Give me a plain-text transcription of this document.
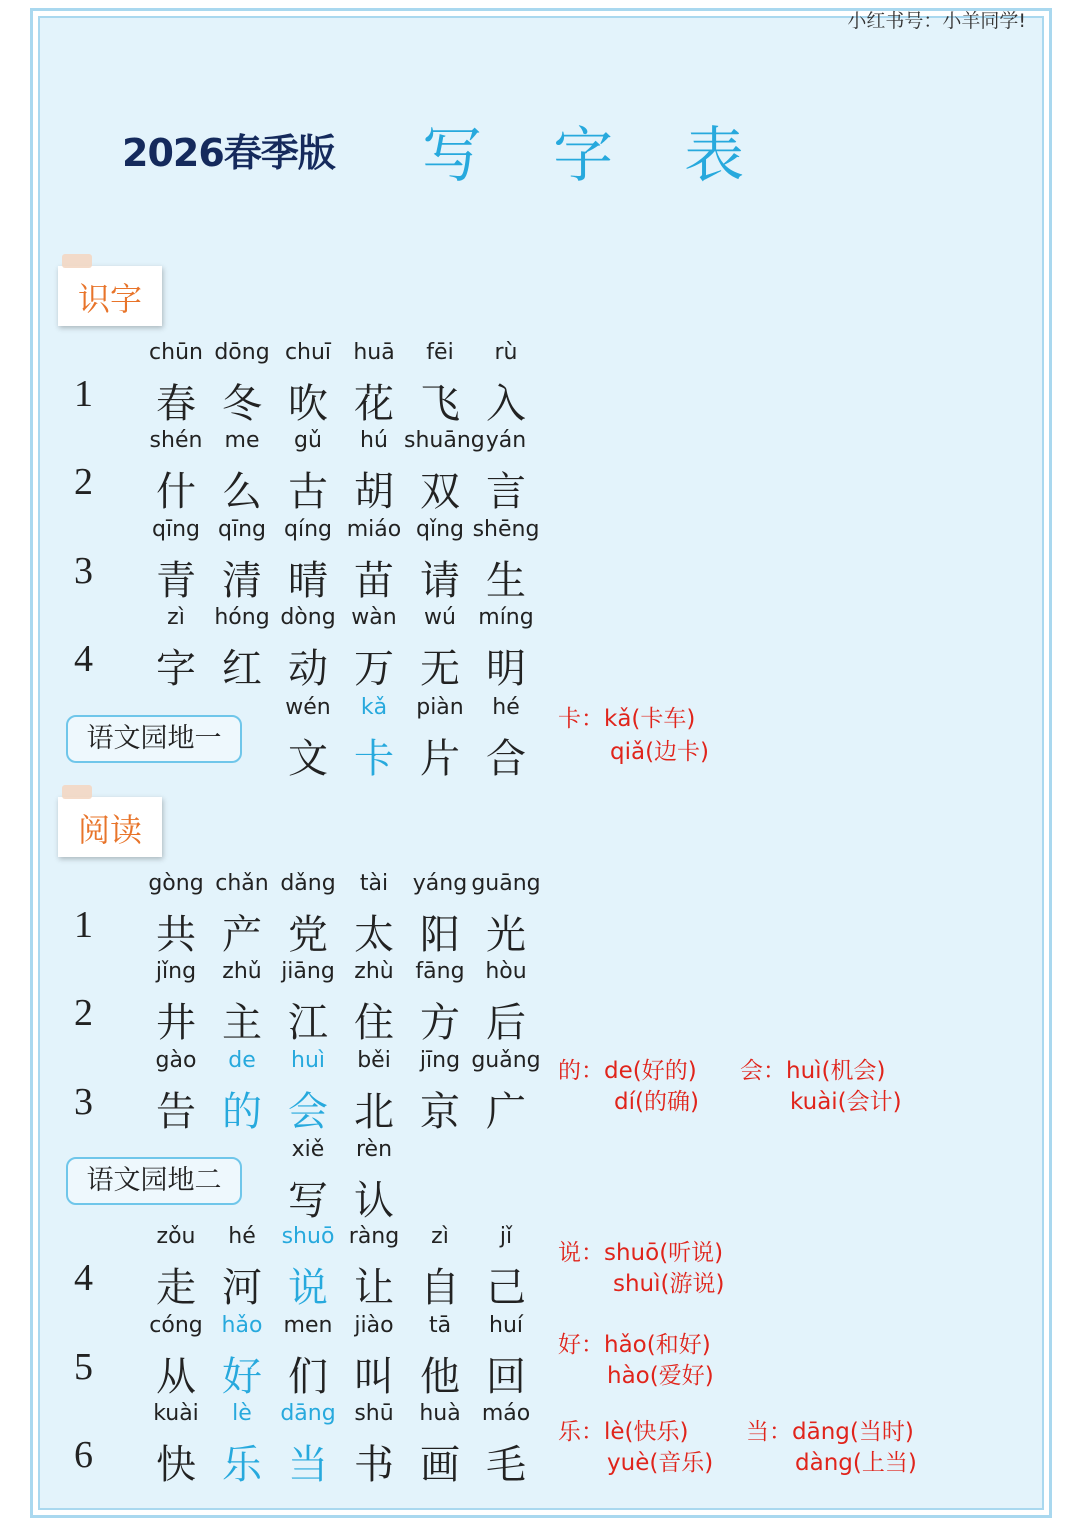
小红书号：小羊同学!
2026春季版 写 字 表
识字
1
chūn
春
dōng
冬
chuī
吹
huā
花
fēi
飞
rù
入
2
shén
什
me
么
gǔ
古
hú
胡
shuāng
双
yán
言
3
qīng
青
qīng
清
qíng
晴
miáo
苗
qǐng
请
shēng
生
4
zì
字
hóng
红
dòng
动
wàn
万
wú
无
míng
明
语文园地一
wén
文
kǎ
卡
piàn
片
hé
合
阅读
1
gòng
共
chǎn
产
dǎng
党
tài
太
yáng
阳
guāng
光
2
jǐng
井
zhǔ
主
jiāng
江
zhù
住
fāng
方
hòu
后
3
gào
告
de
的
huì
会
běi
北
jīng
京
guǎng
广
语文园地二
xiě
写
rèn
认
4
zǒu
走
hé
河
shuō
说
ràng
让
zì
自
jǐ
己
5
cóng
从
hǎo
好
men
们
jiào
叫
tā
他
huí
回
6
kuài
快
lè
乐
dāng
当
shū
书
huà
画
máo
毛
卡：kǎ(卡车)
qiǎ(边卡)
的：de(好的)
dí(的确)
会：huì(机会)
kuài(会计)
说：shuō(听说)
shuì(游说)
好：hǎo(和好)
hào(爱好)
乐：lè(快乐)
yuè(音乐)
当：dāng(当时)
dàng(上当)
